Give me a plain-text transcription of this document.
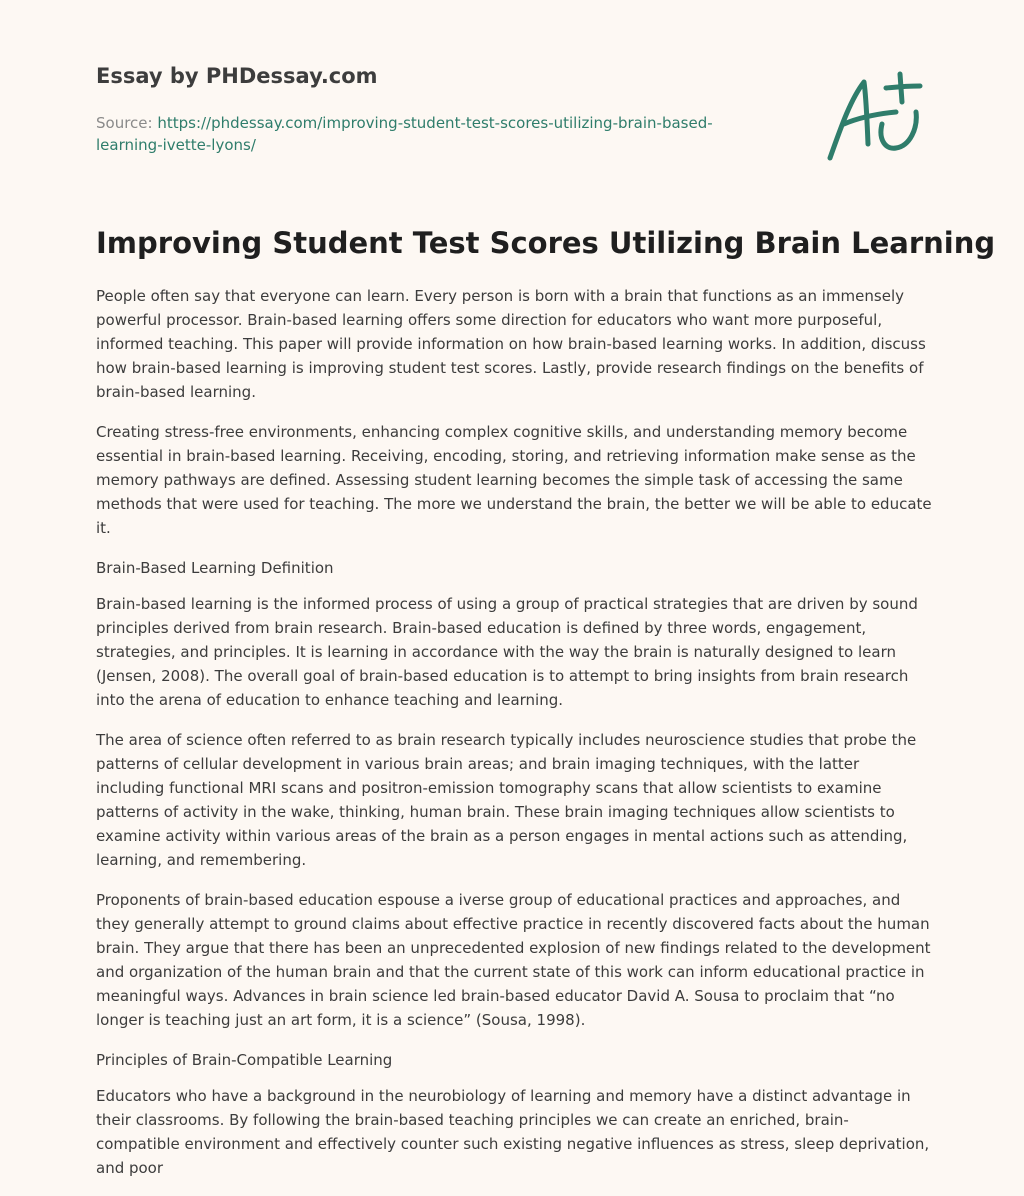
Essay by PHDessay.com
Source: https://phdessay.com/improving-student-test-scores-utilizing-brain-based-learning-ivette-lyons/
Improving Student Test Scores Utilizing Brain Learning

People often say that everyone can learn. Every person is born with a brain that functions as an immensely powerful processor. Brain-based learning offers some direction for educators who want more purposeful, informed teaching. This paper will provide information on how brain-based learning works. In addition, discuss how brain-based learning is improving student test scores. Lastly, provide research findings on the benefits of brain-based learning.

Creating stress-free environments, enhancing complex cognitive skills, and understanding memory become essential in brain-based learning. Receiving, encoding, storing, and retrieving information make sense as the memory pathways are defined. Assessing student learning becomes the simple task of accessing the same methods that were used for teaching. The more we understand the brain, the better we will be able to educate it.

Brain-Based Learning Definition

Brain-based learning is the informed process of using a group of practical strategies that are driven by sound principles derived from brain research. Brain-based education is defined by three words, engagement, strategies, and principles. It is learning in accordance with the way the brain is naturally designed to learn (Jensen, 2008). The overall goal of brain-based education is to attempt to bring insights from brain research into the arena of education to enhance teaching and learning.

The area of science often referred to as brain research typically includes neuroscience studies that probe the patterns of cellular development in various brain areas; and brain imaging techniques, with the latter including functional MRI scans and positron-emission tomography scans that allow scientists to examine patterns of activity in the wake, thinking, human brain. These brain imaging techniques allow scientists to examine activity within various areas of the brain as a person engages in mental actions such as attending, learning, and remembering.

Proponents of brain-based education espouse a iverse group of educational practices and approaches, and they generally attempt to ground claims about effective practice in recently discovered facts about the human brain. They argue that there has been an unprecedented explosion of new findings related to the development and organization of the human brain and that the current state of this work can inform educational practice in meaningful ways. Advances in brain science led brain-based educator David A. Sousa to proclaim that “no longer is teaching just an art form, it is a science” (Sousa, 1998).

Principles of Brain-Compatible Learning

Educators who have a background in the neurobiology of learning and memory have a distinct advantage in their classrooms. By following the brain-based teaching principles we can create an enriched, brain-compatible environment and effectively counter such existing negative influences as stress, sleep deprivation, and poor
